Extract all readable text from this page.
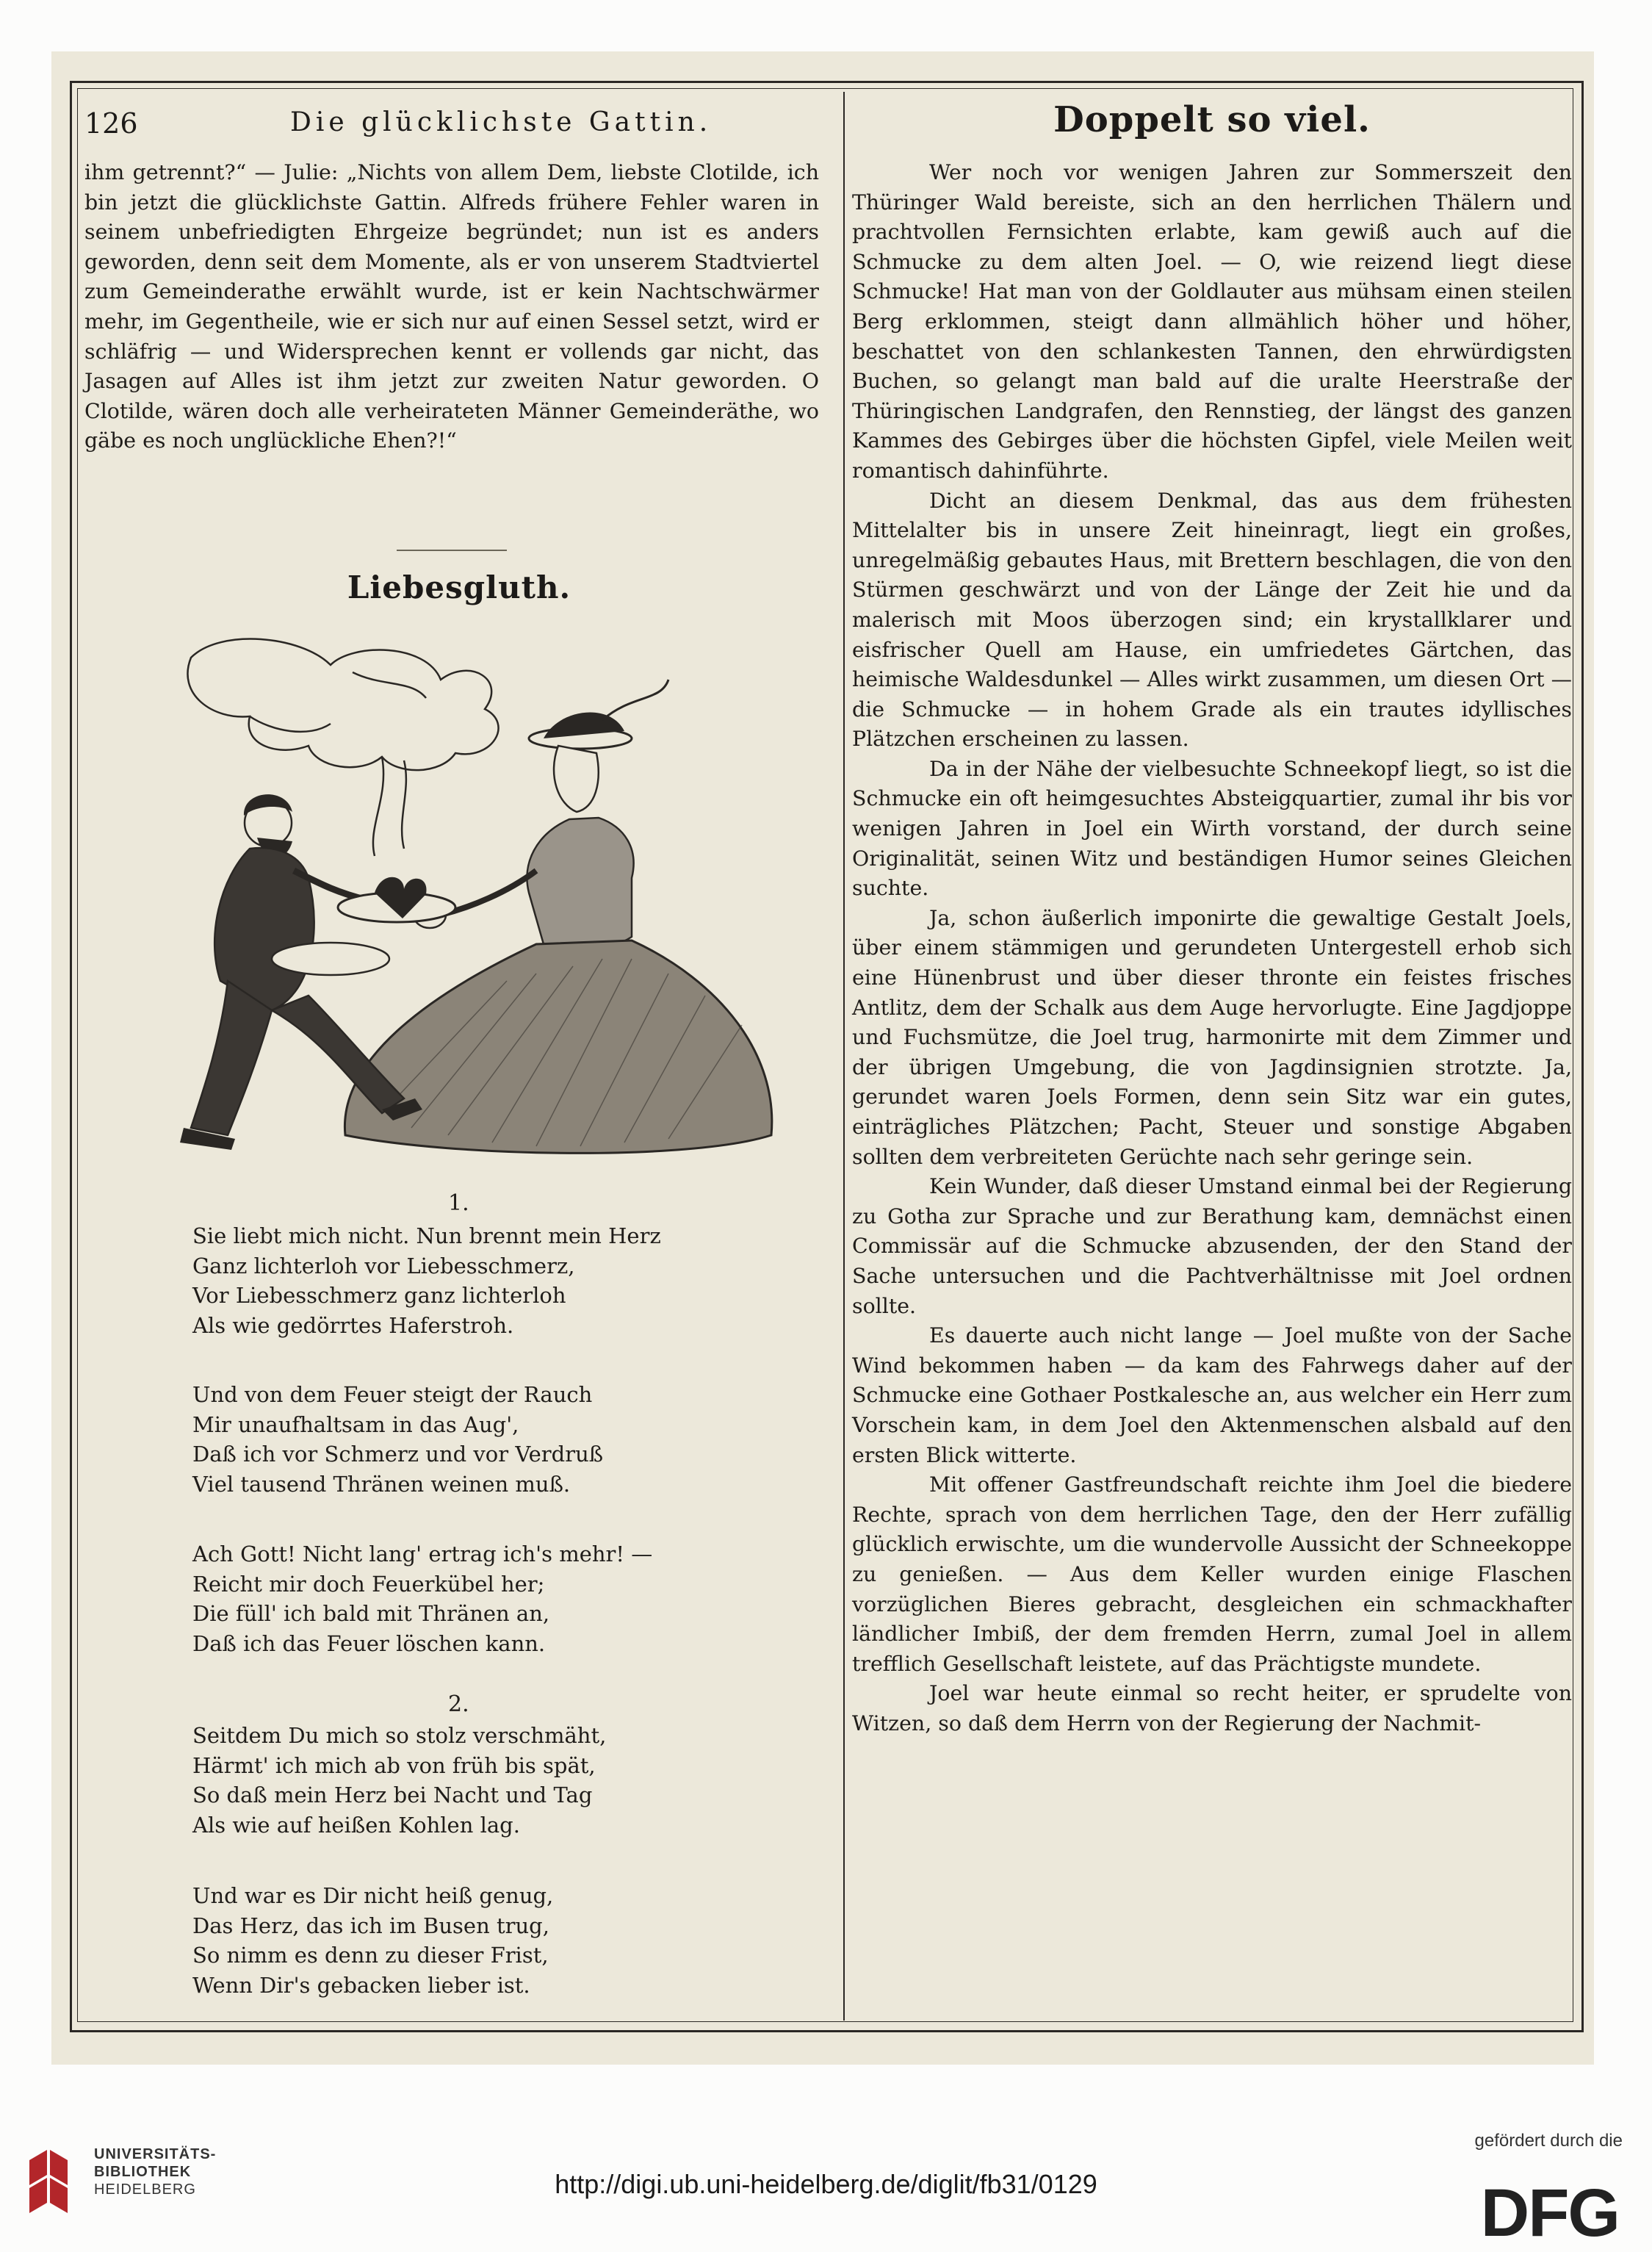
126	Die glücklichste Gattin.	Doppelt so viel.

ihm getrennt?“ — Julie: „Nichts von allem Dem, liebste Clotilde, ich bin jetzt die glücklichste Gattin. Alfreds frühere Fehler waren in seinem unbefriedigten Ehrgeize begründet; nun ist es anders geworden, denn seit dem Momente, als er von unserem Stadtviertel zum Gemeinderathe erwählt wurde, ist er kein Nachtschwärmer mehr, im Gegentheile, wie er sich nur auf einen Sessel setzt, wird er schläfrig — und Widersprechen kennt er vollends gar nicht, das Jasagen auf Alles ist ihm jetzt zur zweiten Natur geworden. O Clotilde, wären doch alle verheirateten Männer Gemeinderäthe, wo gäbe es noch unglückliche Ehen?!“

Liebesgluth.
1.
Sie liebt mich nicht. Nun brennt mein Herz
Ganz lichterloh vor Liebesschmerz,
Vor Liebesschmerz ganz lichterloh
Als wie gedörrtes Haferstroh.
Und von dem Feuer steigt der Rauch
Mir unaufhaltsam in das Aug',
Daß ich vor Schmerz und vor Verdruß
Viel tausend Thränen weinen muß.
Ach Gott! Nicht lang' ertrag ich's mehr! —
Reicht mir doch Feuerkübel her;
Die füll' ich bald mit Thränen an,
Daß ich das Feuer löschen kann.
2.
Seitdem Du mich so stolz verschmäht,
Härmt' ich mich ab von früh bis spät,
So daß mein Herz bei Nacht und Tag
Als wie auf heißen Kohlen lag.
Und war es Dir nicht heiß genug,
Das Herz, das ich im Busen trug,
So nimm es denn zu dieser Frist,
Wenn Dir's gebacken lieber ist.

Wer noch vor wenigen Jahren zur Sommerszeit den Thüringer Wald bereiste, sich an den herrlichen Thälern und prachtvollen Fernsichten erlabte, kam gewiß auch auf die Schmucke zu dem alten Joel. — O, wie reizend liegt diese Schmucke! Hat man von der Goldlauter aus mühsam einen steilen Berg erklommen, steigt dann allmählich höher und höher, beschattet von den schlankesten Tannen, den ehrwürdigsten Buchen, so gelangt man bald auf die uralte Heerstraße der Thüringischen Landgrafen, den Rennstieg, der längst des ganzen Kammes des Gebirges über die höchsten Gipfel, viele Meilen weit romantisch dahinführte.

Dicht an diesem Denkmal, das aus dem frühesten Mittelalter bis in unsere Zeit hineinragt, liegt ein großes, unregelmäßig gebautes Haus, mit Brettern beschlagen, die von den Stürmen geschwärzt und von der Länge der Zeit hie und da malerisch mit Moos überzogen sind; ein krystallklarer und eisfrischer Quell am Hause, ein umfriedetes Gärtchen, das heimische Waldesdunkel — Alles wirkt zusammen, um diesen Ort — die Schmucke — in hohem Grade als ein trautes idyllisches Plätzchen erscheinen zu lassen.

Da in der Nähe der vielbesuchte Schneekopf liegt, so ist die Schmucke ein oft heimgesuchtes Absteigquartier, zumal ihr bis vor wenigen Jahren in Joel ein Wirth vorstand, der durch seine Originalität, seinen Witz und beständigen Humor seines Gleichen suchte.

Ja, schon äußerlich imponirte die gewaltige Gestalt Joels, über einem stämmigen und gerundeten Untergestell erhob sich eine Hünenbrust und über dieser thronte ein feistes frisches Antlitz, dem der Schalk aus dem Auge hervorlugte. Eine Jagdjoppe und Fuchsmütze, die Joel trug, harmonirte mit dem Zimmer und der übrigen Umgebung, die von Jagdinsignien strotzte. Ja, gerundet waren Joels Formen, denn sein Sitz war ein gutes, einträgliches Plätzchen; Pacht, Steuer und sonstige Abgaben sollten dem verbreiteten Gerüchte nach sehr geringe sein.

Kein Wunder, daß dieser Umstand einmal bei der Regierung zu Gotha zur Sprache und zur Berathung kam, demnächst einen Commissär auf die Schmucke abzusenden, der den Stand der Sache untersuchen und die Pachtverhältnisse mit Joel ordnen sollte.

Es dauerte auch nicht lange — Joel mußte von der Sache Wind bekommen haben — da kam des Fahrwegs daher auf der Schmucke eine Gothaer Postkalesche an, aus welcher ein Herr zum Vorschein kam, in dem Joel den Aktenmenschen alsbald auf den ersten Blick witterte.

Mit offener Gastfreundschaft reichte ihm Joel die biedere Rechte, sprach von dem herrlichen Tage, den der Herr zufällig glücklich erwischte, um die wundervolle Aussicht der Schneekoppe zu genießen. — Aus dem Keller wurden einige Flaschen vorzüglichen Bieres gebracht, desgleichen ein schmackhafter ländlicher Imbiß, der dem fremden Herrn, zumal Joel in allem trefflich Gesellschaft leistete, auf das Prächtigste mundete.

Joel war heute einmal so recht heiter, er sprudelte von Witzen, so daß dem Herrn von der Regierung der Nachmit-

UNIVERSITÄTS-
BIBLIOTHEK
HEIDELBERG	http://digi.ub.uni-heidelberg.de/diglit/fb31/0129
gefördert durch die
DFG
